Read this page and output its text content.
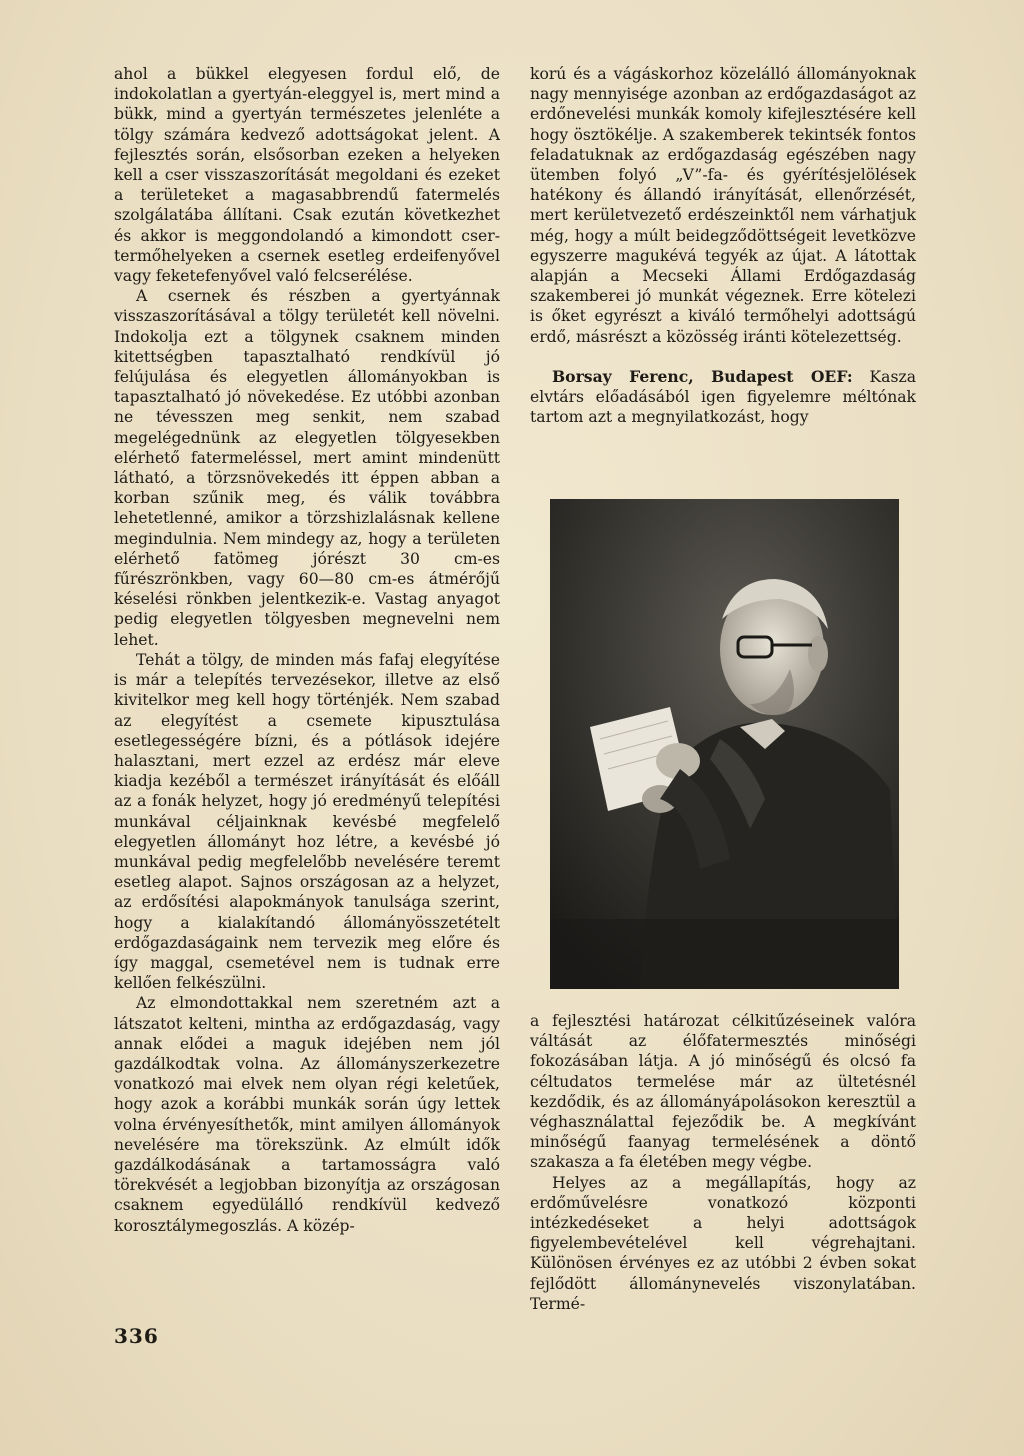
ahol a bükkel elegyesen fordul elő, de indokolatlan a gyertyán-eleggyel is, mert mind a bükk, mind a gyertyán természetes jelenléte a tölgy számára kedvező adottságokat jelent. A fejlesztés során, elsősorban ezeken a helyeken kell a cser visszaszorítását megoldani és ezeket a területeket a magasabbrendű fatermelés szolgálatába állítani. Csak ezután következhet és akkor is meggondolandó a kimondott cser-termőhelyeken a csernek esetleg erdeifenyővel vagy feketefenyővel való felcserélése.

A csernek és részben a gyertyánnak visszaszorításával a tölgy területét kell növelni. Indokolja ezt a tölgynek csaknem minden kitettségben tapasztalható rendkívül jó felújulása és elegyetlen állományokban is tapasztalható jó növekedése. Ez utóbbi azonban ne tévesszen meg senkit, nem szabad megelégednünk az elegyetlen tölgyesekben elérhető fatermeléssel, mert amint mindenütt látható, a törzsnövekedés itt éppen abban a korban szűnik meg, és válik továbbra lehetetlenné, amikor a törzshizlalásnak kellene megindulnia. Nem mindegy az, hogy a területen elérhető fatömeg jórészt 30 cm-es fűrészrönkben, vagy 60—80 cm-es átmérőjű késelési rönkben jelentkezik-e. Vastag anyagot pedig elegyetlen tölgyesben megnevelni nem lehet.

Tehát a tölgy, de minden más fafaj elegyítése is már a telepítés tervezésekor, illetve az első kivitelkor meg kell hogy történjék. Nem szabad az elegyítést a csemete kipusztulása esetlegességére bízni, és a pótlások idejére halasztani, mert ezzel az erdész már eleve kiadja kezéből a természet irányítását és előáll az a fonák helyzet, hogy jó eredményű telepítési munkával céljainknak kevésbé megfelelő elegyetlen állományt hoz létre, a kevésbé jó munkával pedig megfelelőbb nevelésére teremt esetleg alapot. Sajnos országosan az a helyzet, az erdősítési alapokmányok tanulsága szerint, hogy a kialakítandó állományösszetételt erdőgazdaságaink nem tervezik meg előre és így maggal, csemetével nem is tudnak erre kellően felkészülni.

Az elmondottakkal nem szeretném azt a látszatot kelteni, mintha az erdőgazdaság, vagy annak elődei a maguk idejében nem jól gazdálkodtak volna. Az állományszerkezetre vonatkozó mai elvek nem olyan régi keletűek, hogy azok a korábbi munkák során úgy lettek volna érvényesíthetők, mint amilyen állományok nevelésére ma törekszünk. Az elmúlt idők gazdálkodásának a tartamosságra való törekvését a legjobban bizonyítja az országosan csaknem egyedülálló rendkívül kedvező korosztálymegoszlás. A közép-

korú és a vágáskorhoz közelálló állományoknak nagy mennyisége azonban az erdőgazdaságot az erdőnevelési munkák komoly kifejlesztésére kell hogy ösztökélje. A szakemberek tekintsék fontos feladatuknak az erdőgazdaság egészében nagy ütemben folyó „V”-fa- és gyérítésjelölések hatékony és állandó irányítását, ellenőrzését, mert kerületvezető erdészeinktől nem várhatjuk még, hogy a múlt beidegződöttségeit levetközve egyszerre magukévá tegyék az újat. A látottak alapján a Mecseki Állami Erdőgazdaság szakemberei jó munkát végeznek. Erre kötelezi is őket egyrészt a kiváló termőhelyi adottságú erdő, másrészt a közösség iránti kötelezettség.

Borsay Ferenc, Budapest OEF: Kasza elvtárs előadásából igen figyelemre méltónak tartom azt a megnyilatkozást, hogy

a fejlesztési határozat célkitűzéseinek valóra váltását az élőfatermesztés minőségi fokozásában látja. A jó minőségű és olcsó fa céltudatos termelése már az ültetésnél kezdődik, és az állományápolásokon keresztül a véghasználattal fejeződik be. A megkívánt minőségű faanyag termelésének a döntő szakasza a fa életében megy végbe.

Helyes az a megállapítás, hogy az erdőművelésre vonatkozó központi intézkedéseket a helyi adottságok figyelembevételével kell végrehajtani. Különösen érvényes ez az utóbbi 2 évben sokat fejlődött állománynevelés viszonylatában. Termé-

336
